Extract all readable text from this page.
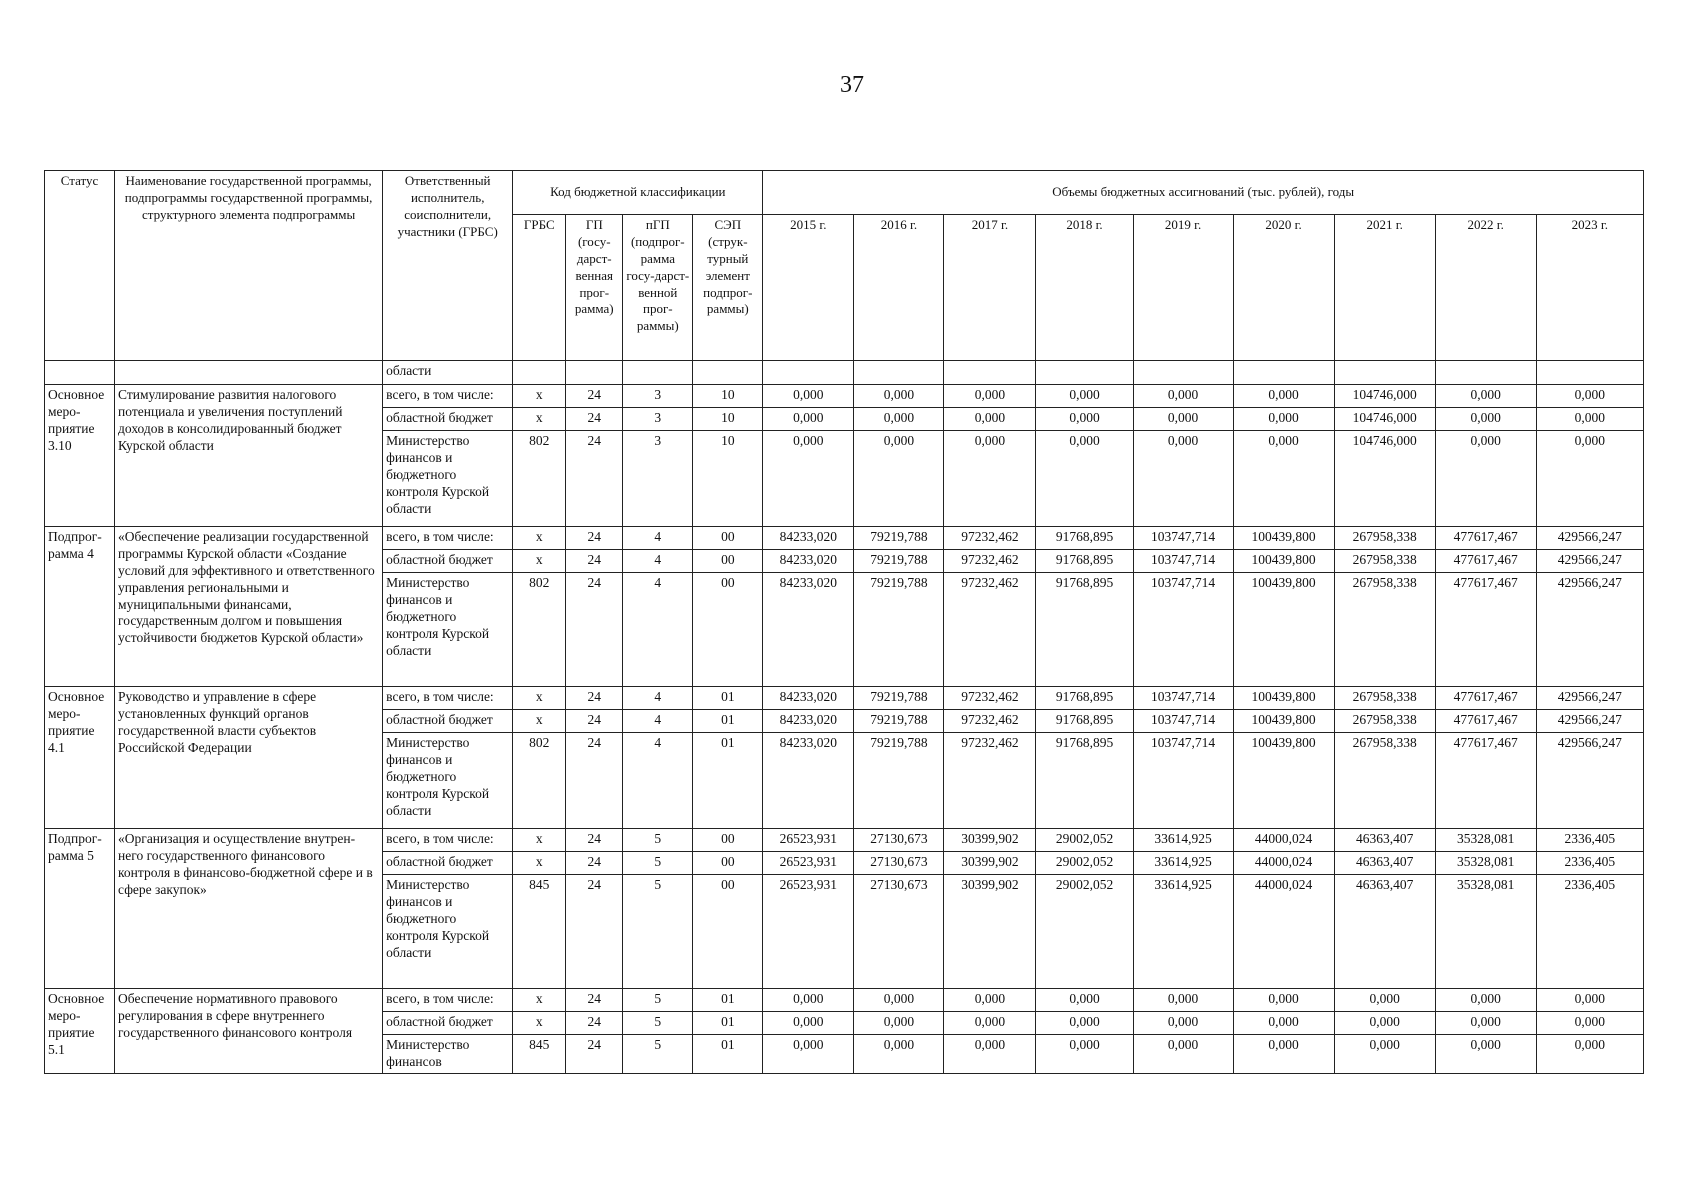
37
Статус	Наименование государственной программы, подпрограммы государственной программы, структурного элемента подпрограммы	Ответственный исполнитель, соисполнители, участники (ГРБС)	Код бюджетной классификации				Объемы бюджетных ассигнований (тыс. рублей), годы								
			ГРБС	ГП (госу-дарст-венная прог-рамма)	пГП (подпрог-рамма госу-дарст-венной прог-раммы)	СЭП (струк-турный элемент подпрог-раммы)	2015 г.	2016 г.	2017 г.	2018 г.	2019 г.	2020 г.	2021 г.	2022 г.	2023 г.
		области													
Основное меро-приятие 3.10	Стимулирование развития налогового потенциала и увеличения поступлений доходов в консолидированный бюджет Курской области	всего, в том числе:	x	24	3	10	0,000	0,000	0,000	0,000	0,000	0,000	104746,000	0,000	0,000
		областной бюджет	x	24	3	10	0,000	0,000	0,000	0,000	0,000	0,000	104746,000	0,000	0,000
		Министерство финансов и бюджетного контроля Курской области	802	24	3	10	0,000	0,000	0,000	0,000	0,000	0,000	104746,000	0,000	0,000
Подпрог-рамма 4	«Обеспечение реализации государственной программы Курской области «Создание условий для эффективного и ответственного управления региональными и муниципальными финансами, государственным долгом и повышения устойчивости бюджетов Курской области»	всего, в том числе:	x	24	4	00	84233,020	79219,788	97232,462	91768,895	103747,714	100439,800	267958,338	477617,467	429566,247
		областной бюджет	x	24	4	00	84233,020	79219,788	97232,462	91768,895	103747,714	100439,800	267958,338	477617,467	429566,247
		Министерство финансов и бюджетного контроля Курской области	802	24	4	00	84233,020	79219,788	97232,462	91768,895	103747,714	100439,800	267958,338	477617,467	429566,247
Основное меро-приятие 4.1	Руководство и управление в сфере установленных функций органов государственной власти субъектов Российской Федерации	всего, в том числе:	x	24	4	01	84233,020	79219,788	97232,462	91768,895	103747,714	100439,800	267958,338	477617,467	429566,247
		областной бюджет	x	24	4	01	84233,020	79219,788	97232,462	91768,895	103747,714	100439,800	267958,338	477617,467	429566,247
		Министерство финансов и бюджетного контроля Курской области	802	24	4	01	84233,020	79219,788	97232,462	91768,895	103747,714	100439,800	267958,338	477617,467	429566,247
Подпрог-рамма 5	«Организация и осуществление внутрен-него государственного финансового контроля в финансово-бюджетной сфере и в сфере закупок»	всего, в том числе:	x	24	5	00	26523,931	27130,673	30399,902	29002,052	33614,925	44000,024	46363,407	35328,081	2336,405
		областной бюджет	x	24	5	00	26523,931	27130,673	30399,902	29002,052	33614,925	44000,024	46363,407	35328,081	2336,405
		Министерство финансов и бюджетного контроля Курской области	845	24	5	00	26523,931	27130,673	30399,902	29002,052	33614,925	44000,024	46363,407	35328,081	2336,405
Основное меро-приятие 5.1	Обеспечение нормативного правового регулирования в сфере внутреннего государственного финансового контроля	всего, в том числе:	x	24	5	01	0,000	0,000	0,000	0,000	0,000	0,000	0,000	0,000	0,000
		областной бюджет	x	24	5	01	0,000	0,000	0,000	0,000	0,000	0,000	0,000	0,000	0,000
		Министерство финансов	845	24	5	01	0,000	0,000	0,000	0,000	0,000	0,000	0,000	0,000	0,000
